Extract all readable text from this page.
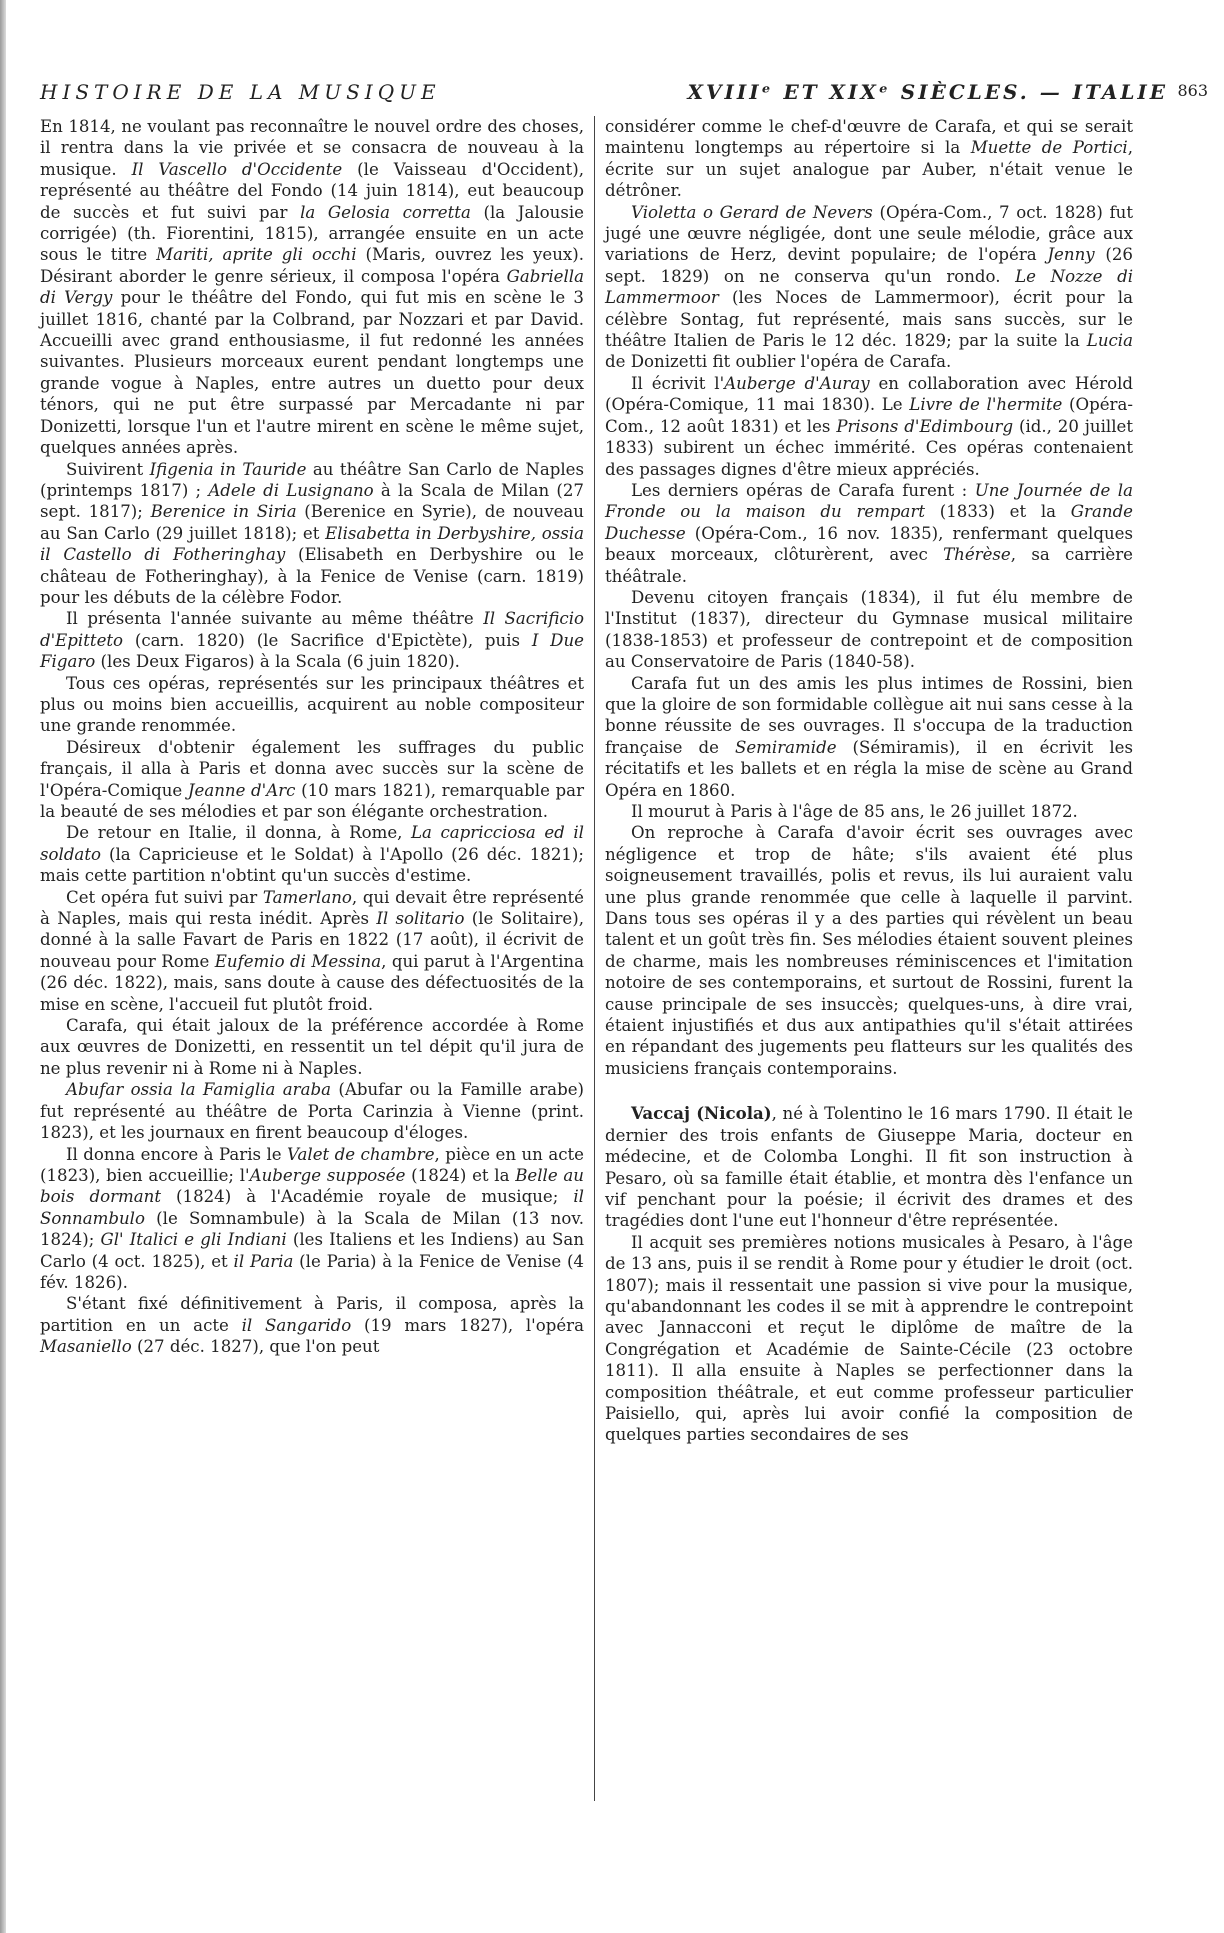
HISTOIRE DE LA MUSIQUE	XVIIIᵉ ET XIXᵉ SIÈCLES. — ITALIE 863

En 1814, ne voulant pas reconnaître le nouvel ordre des choses, il rentra dans la vie privée et se consacra de nouveau à la musique. Il Vascello d'Occidente (le Vaisseau d'Occident), représenté au théâtre del Fondo (14 juin 1814), eut beaucoup de succès et fut suivi par la Gelosia corretta (la Jalousie corrigée) (th. Fiorentini, 1815), arrangée ensuite en un acte sous le titre Mariti, aprite gli occhi (Maris, ouvrez les yeux). Désirant aborder le genre sérieux, il composa l'opéra Gabriella di Vergy pour le théâtre del Fondo, qui fut mis en scène le 3 juillet 1816, chanté par la Colbrand, par Nozzari et par David. Accueilli avec grand enthousiasme, il fut redonné les années suivantes. Plusieurs morceaux eurent pendant longtemps une grande vogue à Naples, entre autres un duetto pour deux ténors, qui ne put être surpassé par Mercadante ni par Donizetti, lorsque l'un et l'autre mirent en scène le même sujet, quelques années après.

Suivirent Ifigenia in Tauride au théâtre San Carlo de Naples (printemps 1817) ; Adele di Lusignano à la Scala de Milan (27 sept. 1817); Berenice in Siria (Berenice en Syrie), de nouveau au San Carlo (29 juillet 1818); et Elisabetta in Derbyshire, ossia il Castello di Fotheringhay (Elisabeth en Derbyshire ou le château de Fotheringhay), à la Fenice de Venise (carn. 1819) pour les débuts de la célèbre Fodor.

Il présenta l'année suivante au même théâtre Il Sacrificio d'Epitteto (carn. 1820) (le Sacrifice d'Epictète), puis I Due Figaro (les Deux Figaros) à la Scala (6 juin 1820).

Tous ces opéras, représentés sur les principaux théâtres et plus ou moins bien accueillis, acquirent au noble compositeur une grande renommée.

Désireux d'obtenir également les suffrages du public français, il alla à Paris et donna avec succès sur la scène de l'Opéra-Comique Jeanne d'Arc (10 mars 1821), remarquable par la beauté de ses mélodies et par son élégante orchestration.

De retour en Italie, il donna, à Rome, La capricciosa ed il soldato (la Capricieuse et le Soldat) à l'Apollo (26 déc. 1821); mais cette partition n'obtint qu'un succès d'estime.

Cet opéra fut suivi par Tamerlano, qui devait être représenté à Naples, mais qui resta inédit. Après Il solitario (le Solitaire), donné à la salle Favart de Paris en 1822 (17 août), il écrivit de nouveau pour Rome Eufemio di Messina, qui parut à l'Argentina (26 déc. 1822), mais, sans doute à cause des défectuosités de la mise en scène, l'accueil fut plutôt froid.

Carafa, qui était jaloux de la préférence accordée à Rome aux œuvres de Donizetti, en ressentit un tel dépit qu'il jura de ne plus revenir ni à Rome ni à Naples.

Abufar ossia la Famiglia araba (Abufar ou la Famille arabe) fut représenté au théâtre de Porta Carinzia à Vienne (print. 1823), et les journaux en firent beaucoup d'éloges.

Il donna encore à Paris le Valet de chambre, pièce en un acte (1823), bien accueillie; l'Auberge supposée (1824) et la Belle au bois dormant (1824) à l'Académie royale de musique; il Sonnambulo (le Somnambule) à la Scala de Milan (13 nov. 1824); Gl' Italici e gli Indiani (les Italiens et les Indiens) au San Carlo (4 oct. 1825), et il Paria (le Paria) à la Fenice de Venise (4 fév. 1826).

S'étant fixé définitivement à Paris, il composa, après la partition en un acte il Sangarido (19 mars 1827), l'opéra Masaniello (27 déc. 1827), que l'on peut

considérer comme le chef-d'œuvre de Carafa, et qui se serait maintenu longtemps au répertoire si la Muette de Portici, écrite sur un sujet analogue par Auber, n'était venue le détrôner.

Violetta o Gerard de Nevers (Opéra-Com., 7 oct. 1828) fut jugé une œuvre négligée, dont une seule mélodie, grâce aux variations de Herz, devint populaire; de l'opéra Jenny (26 sept. 1829) on ne conserva qu'un rondo. Le Nozze di Lammermoor (les Noces de Lammermoor), écrit pour la célèbre Sontag, fut représenté, mais sans succès, sur le théâtre Italien de Paris le 12 déc. 1829; par la suite la Lucia de Donizetti fit oublier l'opéra de Carafa.

Il écrivit l'Auberge d'Auray en collaboration avec Hérold (Opéra-Comique, 11 mai 1830). Le Livre de l'hermite (Opéra-Com., 12 août 1831) et les Prisons d'Edimbourg (id., 20 juillet 1833) subirent un échec immérité. Ces opéras contenaient des passages dignes d'être mieux appréciés.

Les derniers opéras de Carafa furent : Une Journée de la Fronde ou la maison du rempart (1833) et la Grande Duchesse (Opéra-Com., 16 nov. 1835), renfermant quelques beaux morceaux, clôturèrent, avec Thérèse, sa carrière théâtrale.

Devenu citoyen français (1834), il fut élu membre de l'Institut (1837), directeur du Gymnase musical militaire (1838-1853) et professeur de contrepoint et de composition au Conservatoire de Paris (1840-58).

Carafa fut un des amis les plus intimes de Rossini, bien que la gloire de son formidable collègue ait nui sans cesse à la bonne réussite de ses ouvrages. Il s'occupa de la traduction française de Semiramide (Sémiramis), il en écrivit les récitatifs et les ballets et en régla la mise de scène au Grand Opéra en 1860.

Il mourut à Paris à l'âge de 85 ans, le 26 juillet 1872.

On reproche à Carafa d'avoir écrit ses ouvrages avec négligence et trop de hâte; s'ils avaient été plus soigneusement travaillés, polis et revus, ils lui auraient valu une plus grande renommée que celle à laquelle il parvint. Dans tous ses opéras il y a des parties qui révèlent un beau talent et un goût très fin. Ses mélodies étaient souvent pleines de charme, mais les nombreuses réminiscences et l'imitation notoire de ses contemporains, et surtout de Rossini, furent la cause principale de ses insuccès; quelques-uns, à dire vrai, étaient injustifiés et dus aux antipathies qu'il s'était attirées en répandant des jugements peu flatteurs sur les qualités des musiciens français contemporains.

Vaccaj (Nicola), né à Tolentino le 16 mars 1790. Il était le dernier des trois enfants de Giuseppe Maria, docteur en médecine, et de Colomba Longhi. Il fit son instruction à Pesaro, où sa famille était établie, et montra dès l'enfance un vif penchant pour la poésie; il écrivit des drames et des tragédies dont l'une eut l'honneur d'être représentée.

Il acquit ses premières notions musicales à Pesaro, à l'âge de 13 ans, puis il se rendit à Rome pour y étudier le droit (oct. 1807); mais il ressentait une passion si vive pour la musique, qu'abandonnant les codes il se mit à apprendre le contrepoint avec Jannacconi et reçut le diplôme de maître de la Congrégation et Académie de Sainte-Cécile (23 octobre 1811). Il alla ensuite à Naples se perfectionner dans la composition théâtrale, et eut comme professeur particulier Paisiello, qui, après lui avoir confié la composition de quelques parties secondaires de ses
